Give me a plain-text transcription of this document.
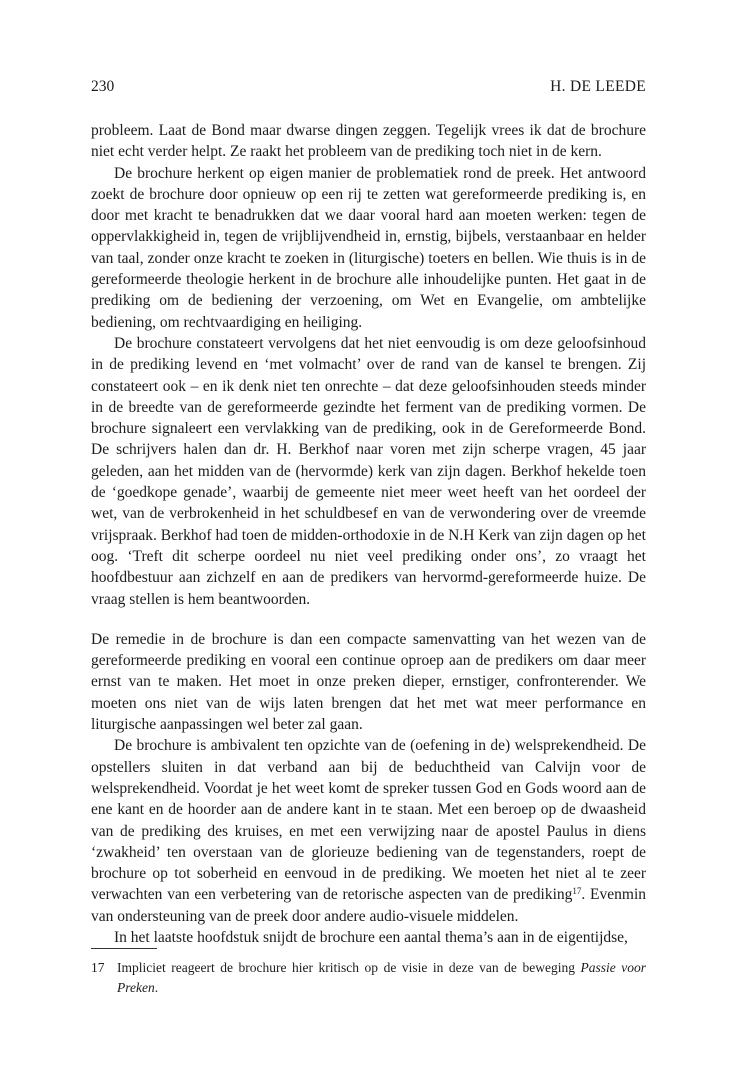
230	H. DE LEEDE

probleem. Laat de Bond maar dwarse dingen zeggen. Tegelijk vrees ik dat de brochure niet echt verder helpt. Ze raakt het probleem van de prediking toch niet in de kern.

De brochure herkent op eigen manier de problematiek rond de preek. Het antwoord zoekt de brochure door opnieuw op een rij te zetten wat gereformeerde prediking is, en door met kracht te benadrukken dat we daar vooral hard aan moeten werken: tegen de oppervlakkigheid in, tegen de vrijblijvendheid in, ernstig, bijbels, verstaanbaar en helder van taal, zonder onze kracht te zoeken in (liturgische) toeters en bellen. Wie thuis is in de gereformeerde theologie herkent in de brochure alle inhoudelijke punten. Het gaat in de prediking om de bediening der verzoening, om Wet en Evangelie, om ambtelijke bediening, om rechtvaardiging en heiliging.

De brochure constateert vervolgens dat het niet eenvoudig is om deze geloofsinhoud in de prediking levend en ‘met volmacht’ over de rand van de kansel te brengen. Zij constateert ook – en ik denk niet ten onrechte – dat deze geloofsinhouden steeds minder in de breedte van de gereformeerde gezindte het ferment van de prediking vormen. De brochure signaleert een vervlakking van de prediking, ook in de Gereformeerde Bond. De schrijvers halen dan dr. H. Berkhof naar voren met zijn scherpe vragen, 45 jaar geleden, aan het midden van de (hervormde) kerk van zijn dagen. Berkhof hekelde toen de ‘goedkope genade’, waarbij de gemeente niet meer weet heeft van het oordeel der wet, van de verbrokenheid in het schuldbesef en van de verwondering over de vreemde vrijspraak. Berkhof had toen de midden-orthodoxie in de N.H Kerk van zijn dagen op het oog. ‘Treft dit scherpe oordeel nu niet veel prediking onder ons’, zo vraagt het hoofdbestuur aan zichzelf en aan de predikers van hervormd-gereformeerde huize. De vraag stellen is hem beantwoorden.

De remedie in de brochure is dan een compacte samenvatting van het wezen van de gereformeerde prediking en vooral een continue oproep aan de predikers om daar meer ernst van te maken. Het moet in onze preken dieper, ernstiger, confronterender. We moeten ons niet van de wijs laten brengen dat het met wat meer performance en liturgische aanpassingen wel beter zal gaan.

De brochure is ambivalent ten opzichte van de (oefening in de) welsprekendheid. De opstellers sluiten in dat verband aan bij de beduchtheid van Calvijn voor de welsprekendheid. Voordat je het weet komt de spreker tussen God en Gods woord aan de ene kant en de hoorder aan de andere kant in te staan. Met een beroep op de dwaasheid van de prediking des kruises, en met een verwijzing naar de apostel Paulus in diens ‘zwakheid’ ten overstaan van de glorieuze bediening van de tegenstanders, roept de brochure op tot soberheid en eenvoud in de prediking. We moeten het niet al te zeer verwachten van een verbetering van de retorische aspecten van de prediking$^{17}$. Evenmin van ondersteuning van de preek door andere audio-visuele middelen.

In het laatste hoofdstuk snijdt de brochure een aantal thema’s aan in de eigentijdse,

17 Impliciet reageert de brochure hier kritisch op de visie in deze van de beweging Passie voor Preken.
